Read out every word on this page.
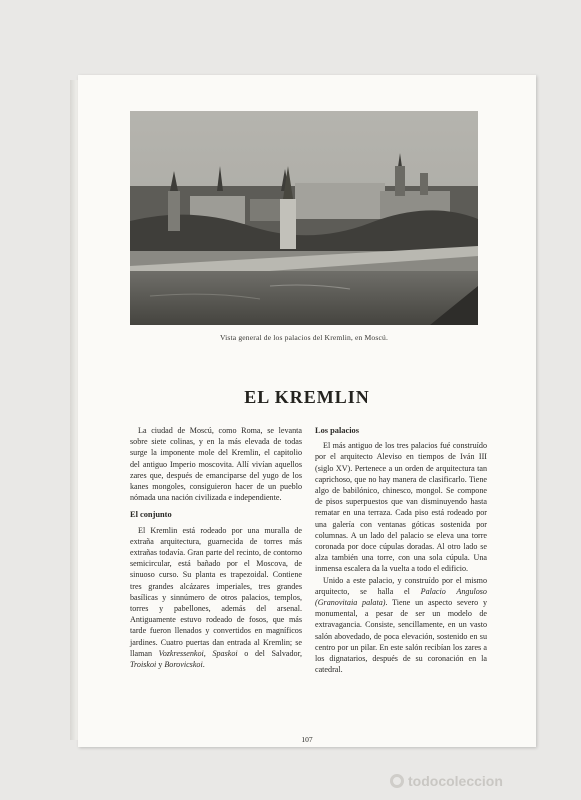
Vista general de los palacios del Kremlin, en Moscú.
EL KREMLIN

La ciudad de Moscú, como Roma, se levanta sobre siete colinas, y en la más elevada de todas surge la imponente mole del Kremlin, el capitolio del antiguo Imperio moscovita. Allí vivían aquellos zares que, después de emanciparse del yugo de los kanes mongoles, consiguieron hacer de un pueblo nómada una nación civilizada e independiente.

El conjunto

El Kremlin está rodeado por una muralla de extraña arquitectura, guarnecida de torres más extrañas todavía. Gran parte del recinto, de contorno semicircular, está bañado por el Moscova, de sinuoso curso. Su planta es trapezoidal. Contiene tres grandes alcázares imperiales, tres grandes basílicas y sinnúmero de otros palacios, templos, torres y pabellones, además del arsenal. Antiguamente estuvo rodeado de fosos, que más tarde fueron llenados y convertidos en magníficos jardines. Cuatro puertas dan entrada al Kremlin; se llaman Vozkressenkoi, Spaskoi o del Salvador, Troiskoi y Borovicskoi.

Los palacios

El más antiguo de los tres palacios fué construído por el arquitecto Aleviso en tiempos de Iván III (siglo XV). Pertenece a un orden de arquitectura tan caprichoso, que no hay manera de clasificarlo. Tiene algo de babilónico, chinesco, mongol. Se compone de pisos superpuestos que van disminuyendo hasta rematar en una terraza. Cada piso está rodeado por una galería con ventanas góticas sostenida por columnas. A un lado del palacio se eleva una torre coronada por doce cúpulas doradas. Al otro lado se alza también una torre, con una sola cúpula. Una inmensa escalera da la vuelta a todo el edificio.

Unido a este palacio, y construído por el mismo arquitecto, se halla el Palacio Anguloso (Granovitaia palata). Tiene un aspecto severo y monumental, a pesar de ser un modelo de extravagancia. Consiste, sencillamente, en un vasto salón abovedado, de poca elevación, sostenido en su centro por un pilar. En este salón recibían los zares a los dignatarios, después de su coronación en la catedral.

107
todocoleccion
